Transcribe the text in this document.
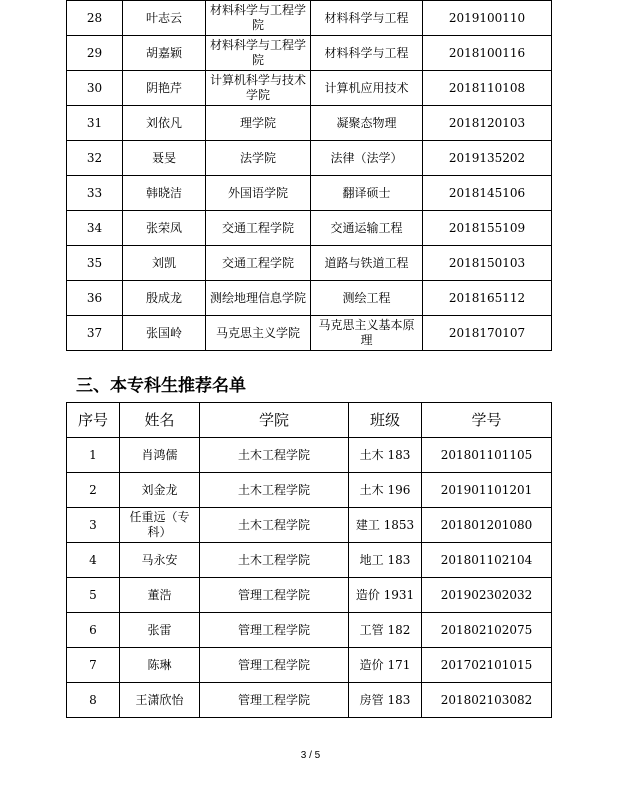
28	叶志云	材料科学与工程学院	材料科学与工程	2019100110
29	胡嘉颖	材料科学与工程学院	材料科学与工程	2018100116
30	阴艳芹	计算机科学与技术学院	计算机应用技术	2018110108
31	刘依凡	理学院	凝聚态物理	2018120103
32	聂旻	法学院	法律（法学）	2019135202
33	韩晓洁	外国语学院	翻译硕士	2018145106
34	张荣凤	交通工程学院	交通运输工程	2018155109
35	刘凯	交通工程学院	道路与铁道工程	2018150103
36	殷成龙	测绘地理信息学院	测绘工程	2018165112
37	张国岭	马克思主义学院	马克思主义基本原理	2018170107
三、本专科生推荐名单
序号	姓名	学院	班级	学号
1	肖鸿儒	土木工程学院	土木 183	201801101105
2	刘金龙	土木工程学院	土木 196	201901101201
3	任重远（专科）	土木工程学院	建工 1853	201801201080
4	马永安	土木工程学院	地工 183	201801102104
5	董浩	管理工程学院	造价 1931	201902302032
6	张雷	管理工程学院	工管 182	201802102075
7	陈琳	管理工程学院	造价 171	201702101015
8	王潇欣怡	管理工程学院	房管 183	201802103082
3 / 5
